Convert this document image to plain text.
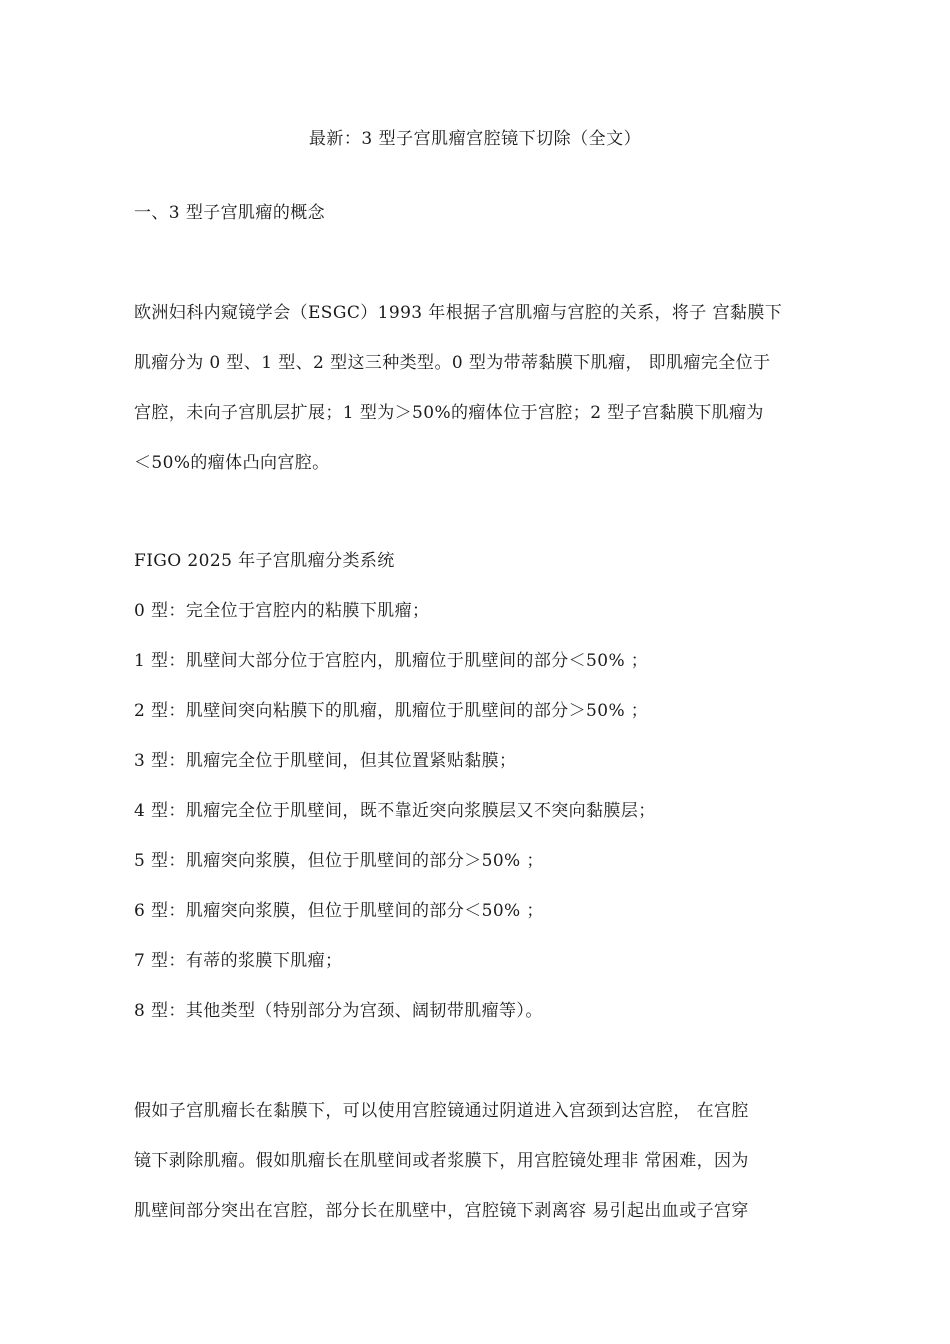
最新：3 型子宫肌瘤宫腔镜下切除（全文）
一、3 型子宫肌瘤的概念
欧洲妇科内窥镜学会（ESGC）1993 年根据子宫肌瘤与宫腔的关系，将子 宫黏膜下
肌瘤分为 0 型、1 型、2 型这三种类型。0 型为带蒂黏膜下肌瘤， 即肌瘤完全位于
宫腔，未向子宫肌层扩展；1 型为＞50%的瘤体位于宫腔；2 型子宫黏膜下肌瘤为
＜50%的瘤体凸向宫腔。
FIGO 2025 年子宫肌瘤分类系统
0 型：完全位于宫腔内的粘膜下肌瘤；
1 型：肌壁间大部分位于宫腔内，肌瘤位于肌壁间的部分＜50% ；
2 型：肌壁间突向粘膜下的肌瘤，肌瘤位于肌壁间的部分＞50% ；
3 型：肌瘤完全位于肌壁间，但其位置紧贴黏膜；
4 型：肌瘤完全位于肌壁间，既不靠近突向浆膜层又不突向黏膜层；
5 型：肌瘤突向浆膜，但位于肌壁间的部分＞50% ；
6 型：肌瘤突向浆膜，但位于肌壁间的部分＜50% ；
7 型：有蒂的浆膜下肌瘤；
8 型：其他类型（特别部分为宫颈、阔韧带肌瘤等）。
假如子宫肌瘤长在黏膜下，可以使用宫腔镜通过阴道进入宫颈到达宫腔， 在宫腔
镜下剥除肌瘤。假如肌瘤长在肌壁间或者浆膜下，用宫腔镜处理非 常困难，因为
肌壁间部分突出在宫腔，部分长在肌壁中，宫腔镜下剥离容 易引起出血或子宫穿
